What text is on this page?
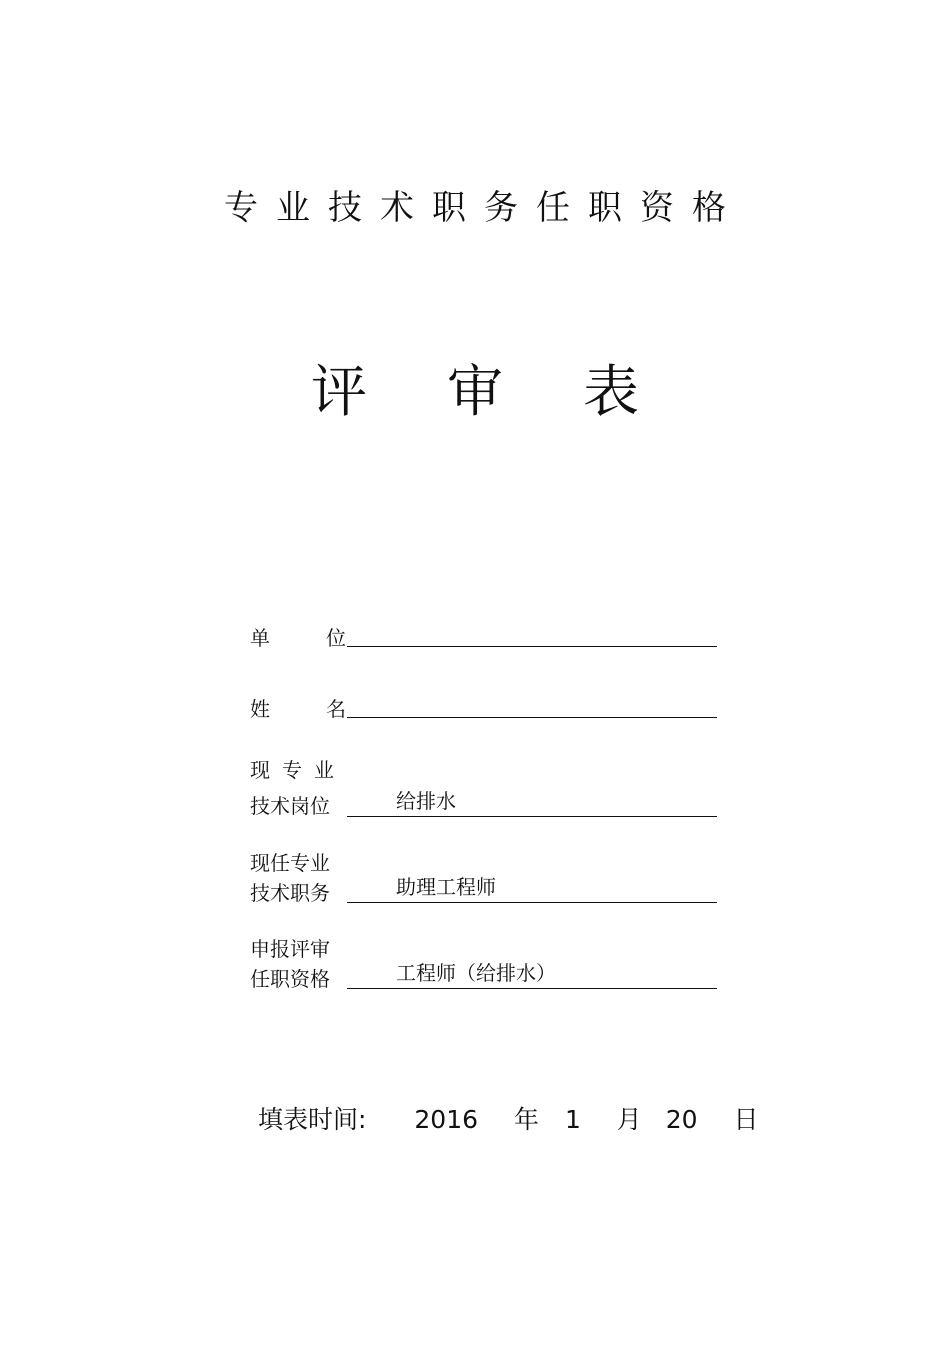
专业技术职务任职资格
评审表
单	位
姓	名
现专业
技术岗位	给排水
现任专业
技术职务	助理工程师
申报评审
任职资格	工程师（给排水）
填表时间: 2016 年 1 月 20 日
